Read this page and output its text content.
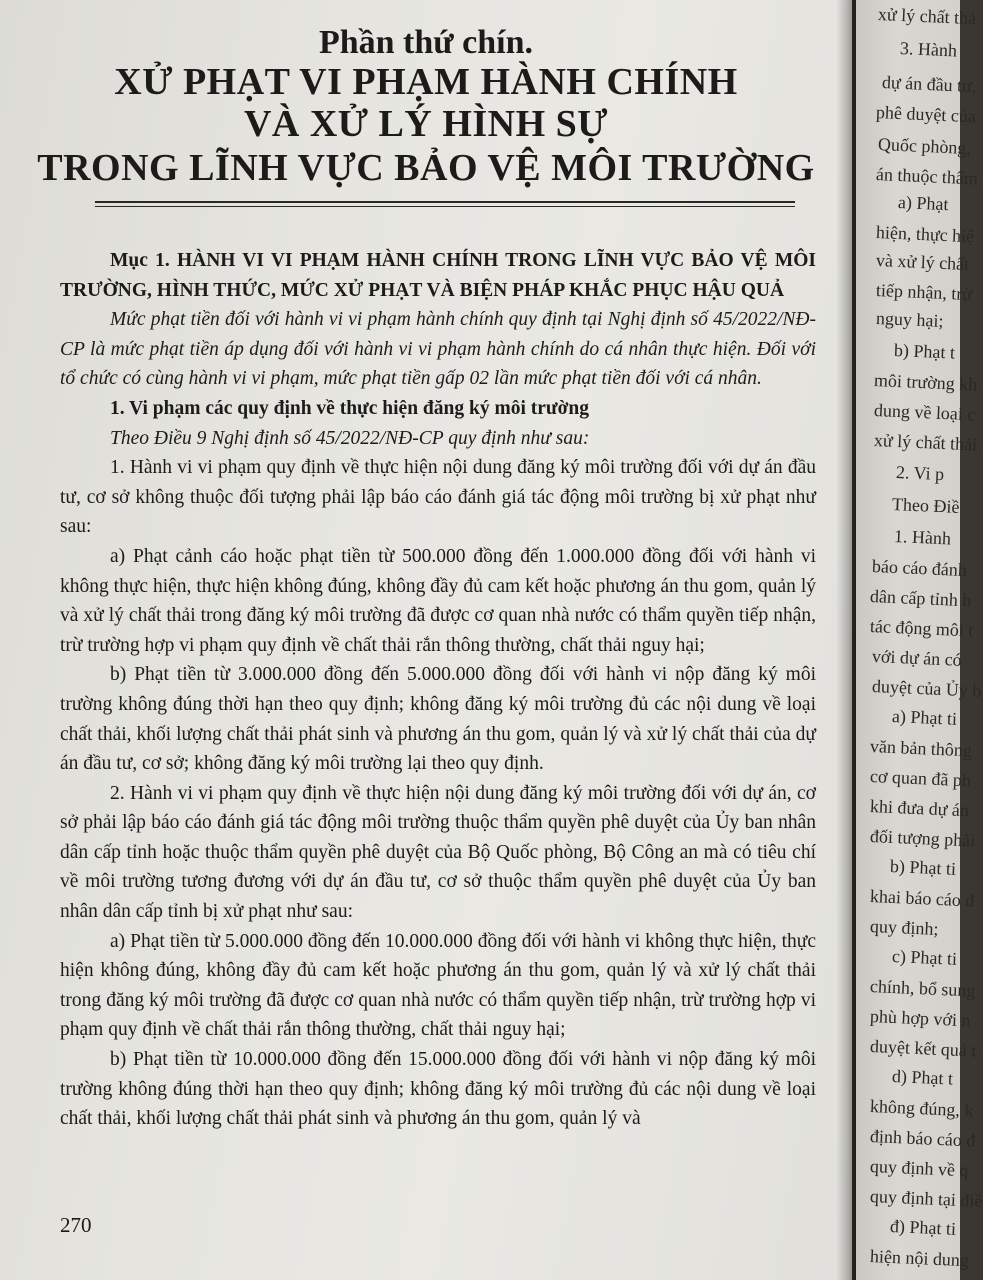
Phần thứ chín.
XỬ PHẠT VI PHẠM HÀNH CHÍNH
VÀ XỬ LÝ HÌNH SỰ
TRONG LĨNH VỰC BẢO VỆ MÔI TRƯỜNG

Mục 1. HÀNH VI VI PHẠM HÀNH CHÍNH TRONG LĨNH VỰC BẢO VỆ MÔI TRƯỜNG, HÌNH THỨC, MỨC XỬ PHẠT VÀ BIỆN PHÁP KHẮC PHỤC HẬU QUẢ

Mức phạt tiền đối với hành vi vi phạm hành chính quy định tại Nghị định số 45/2022/NĐ-CP là mức phạt tiền áp dụng đối với hành vi vi phạm hành chính do cá nhân thực hiện. Đối với tổ chức có cùng hành vi vi phạm, mức phạt tiền gấp 02 lần mức phạt tiền đối với cá nhân.

1. Vi phạm các quy định về thực hiện đăng ký môi trường

Theo Điều 9 Nghị định số 45/2022/NĐ-CP quy định như sau:

1. Hành vi vi phạm quy định về thực hiện nội dung đăng ký môi trường đối với dự án đầu tư, cơ sở không thuộc đối tượng phải lập báo cáo đánh giá tác động môi trường bị xử phạt như sau:

a) Phạt cảnh cáo hoặc phạt tiền từ 500.000 đồng đến 1.000.000 đồng đối với hành vi không thực hiện, thực hiện không đúng, không đầy đủ cam kết hoặc phương án thu gom, quản lý và xử lý chất thải trong đăng ký môi trường đã được cơ quan nhà nước có thẩm quyền tiếp nhận, trừ trường hợp vi phạm quy định về chất thải rắn thông thường, chất thải nguy hại;

b) Phạt tiền từ 3.000.000 đồng đến 5.000.000 đồng đối với hành vi nộp đăng ký môi trường không đúng thời hạn theo quy định; không đăng ký môi trường đủ các nội dung về loại chất thải, khối lượng chất thải phát sinh và phương án thu gom, quản lý và xử lý chất thải của dự án đầu tư, cơ sở; không đăng ký môi trường lại theo quy định.

2. Hành vi vi phạm quy định về thực hiện nội dung đăng ký môi trường đối với dự án, cơ sở phải lập báo cáo đánh giá tác động môi trường thuộc thẩm quyền phê duyệt của Ủy ban nhân dân cấp tỉnh hoặc thuộc thẩm quyền phê duyệt của Bộ Quốc phòng, Bộ Công an mà có tiêu chí về môi trường tương đương với dự án đầu tư, cơ sở thuộc thẩm quyền phê duyệt của Ủy ban nhân dân cấp tỉnh bị xử phạt như sau:

a) Phạt tiền từ 5.000.000 đồng đến 10.000.000 đồng đối với hành vi không thực hiện, thực hiện không đúng, không đầy đủ cam kết hoặc phương án thu gom, quản lý và xử lý chất thải trong đăng ký môi trường đã được cơ quan nhà nước có thẩm quyền tiếp nhận, trừ trường hợp vi phạm quy định về chất thải rắn thông thường, chất thải nguy hại;

b) Phạt tiền từ 10.000.000 đồng đến 15.000.000 đồng đối với hành vi nộp đăng ký môi trường không đúng thời hạn theo quy định; không đăng ký môi trường đủ các nội dung về loại chất thải, khối lượng chất thải phát sinh và phương án thu gom, quản lý và

270
xử lý chất thả
3. Hành
dự án đầu tư,
phê duyệt của
Quốc phòng,
án thuộc thẩm
a) Phạt
hiện, thực hiệ
và xử lý chất
tiếp nhận, trừ
nguy hại;
b) Phạt t
môi trường kh
dung về loại c
xử lý chất thải
2. Vi p
Theo Điề
1. Hành
báo cáo đánh
dân cấp tỉnh h
tác động môi t
với dự án có
duyệt của Ủy b
a) Phạt ti
văn bản thông
cơ quan đã ph
khi đưa dự án
đối tượng phải
b) Phạt ti
khai báo cáo đ
quy định;
c) Phạt ti
chính, bổ sung
phù hợp với n
duyệt kết quả t
d) Phạt t
không đúng, k
định báo cáo đ
quy định về q
quy định tại điề
đ) Phạt ti
hiện nội dung
